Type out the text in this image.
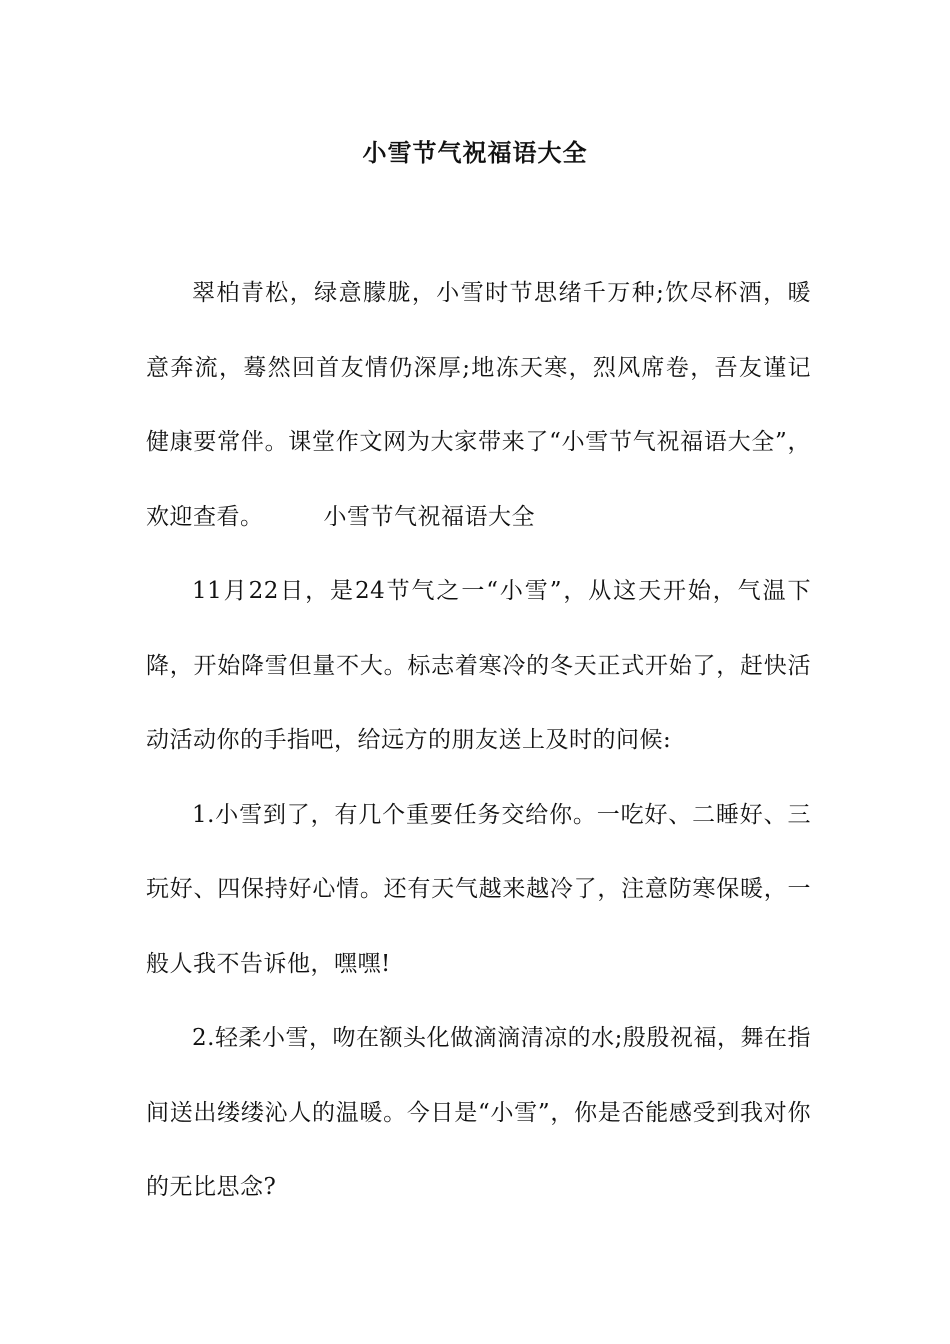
小雪节气祝福语大全

翠柏青松，绿意朦胧，小雪时节思绪千万种;饮尽杯酒，暖意奔流，蓦然回首友情仍深厚;地冻天寒，烈风席卷，吾友谨记健康要常伴。课堂作文网为大家带来了“小雪节气祝福语大全”，欢迎查看。	小雪节气祝福语大全

11月22日，是24节气之一“小雪”，从这天开始，气温下降，开始降雪但量不大。标志着寒冷的冬天正式开始了，赶快活动活动你的手指吧，给远方的朋友送上及时的问候:

1.小雪到了，有几个重要任务交给你。一吃好、二睡好、三玩好、四保持好心情。还有天气越来越冷了，注意防寒保暖，一般人我不告诉他，嘿嘿!

2.轻柔小雪，吻在额头化做滴滴清凉的水;殷殷祝福，舞在指间送出缕缕沁人的温暖。今日是“小雪”，你是否能感受到我对你的无比思念?
